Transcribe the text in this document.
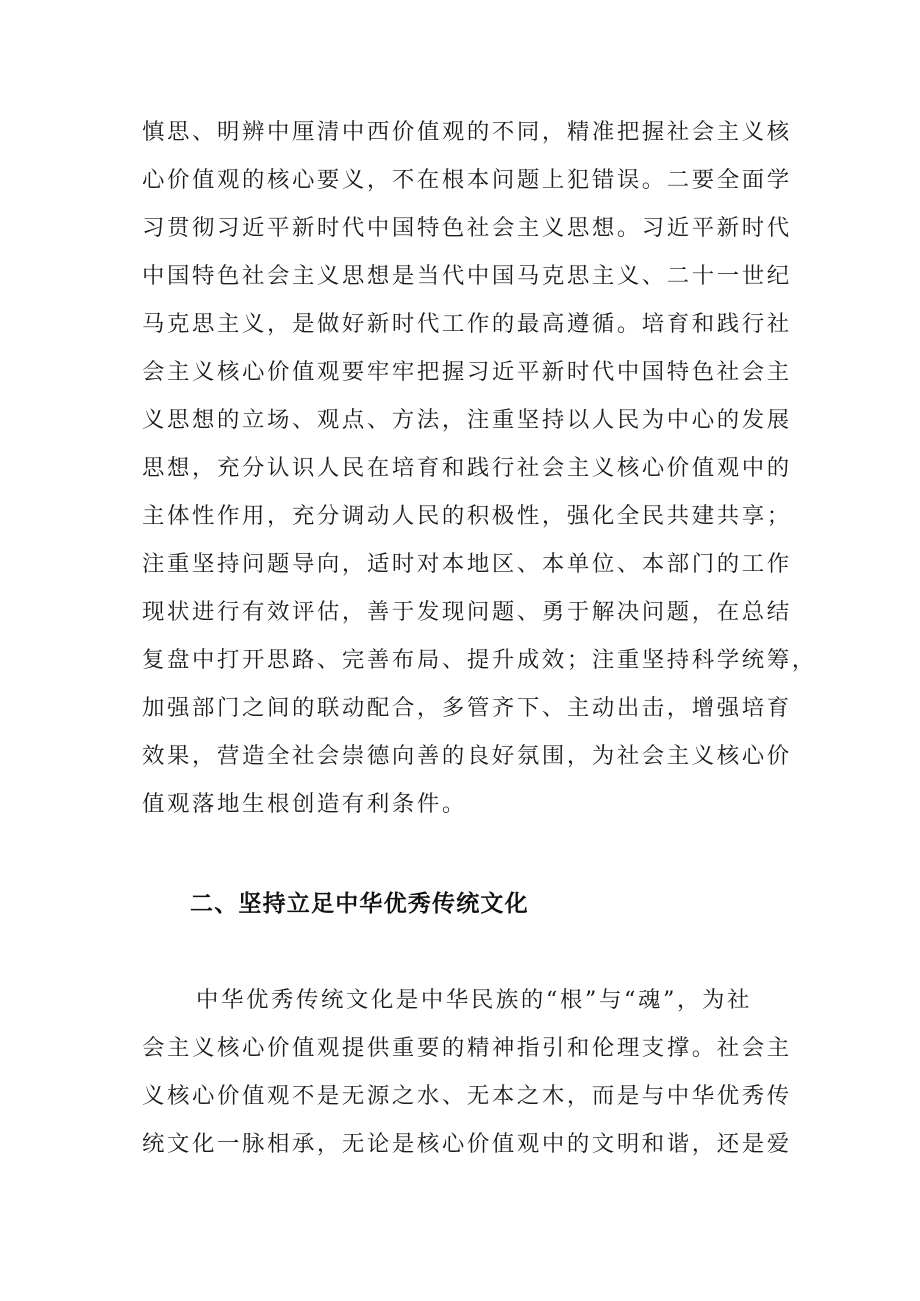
慎思、明辨中厘清中西价值观的不同，精准把握社会主义核
心价值观的核心要义，不在根本问题上犯错误。二要全面学
习贯彻习近平新时代中国特色社会主义思想。习近平新时代
中国特色社会主义思想是当代中国马克思主义、二十一世纪
马克思主义，是做好新时代工作的最高遵循。培育和践行社
会主义核心价值观要牢牢把握习近平新时代中国特色社会主
义思想的立场、观点、方法，注重坚持以人民为中心的发展
思想，充分认识人民在培育和践行社会主义核心价值观中的
主体性作用，充分调动人民的积极性，强化全民共建共享；
注重坚持问题导向，适时对本地区、本单位、本部门的工作
现状进行有效评估，善于发现问题、勇于解决问题，在总结
复盘中打开思路、完善布局、提升成效；注重坚持科学统筹，
加强部门之间的联动配合，多管齐下、主动出击，增强培育
效果，营造全社会崇德向善的良好氛围，为社会主义核心价
值观落地生根创造有利条件。
二、坚持立足中华优秀传统文化
中华优秀传统文化是中华民族的“根”与“魂”，为社
会主义核心价值观提供重要的精神指引和伦理支撑。社会主
义核心价值观不是无源之水、无本之木，而是与中华优秀传
统文化一脉相承，无论是核心价值观中的文明和谐，还是爱
